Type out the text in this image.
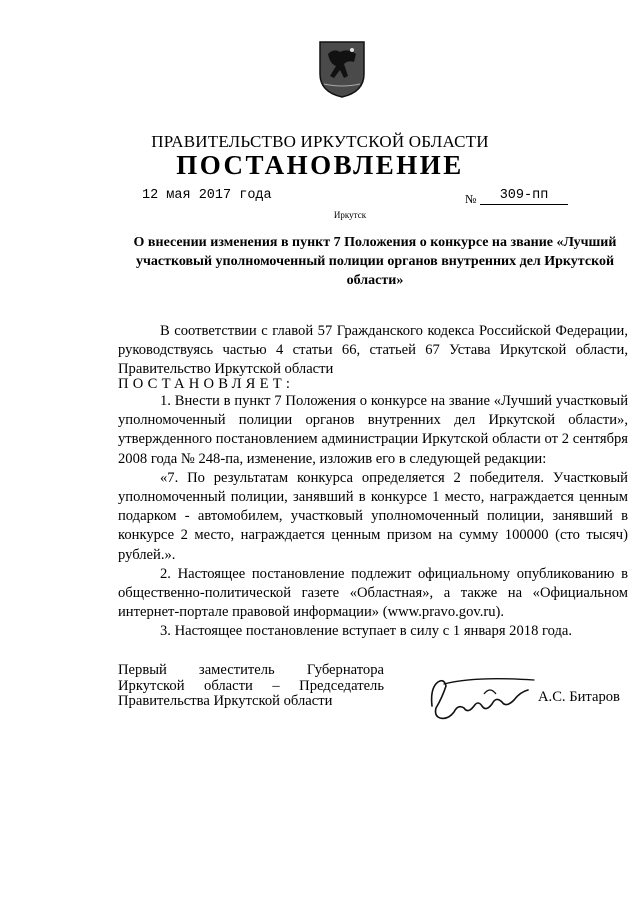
ПРАВИТЕЛЬСТВО ИРКУТСКОЙ ОБЛАСТИ
ПОСТАНОВЛЕНИЕ
12 мая 2017 года	№	309-пп
Иркутск
О внесении изменения в пункт 7 Положения о конкурсе на звание «Лучший участковый уполномоченный полиции органов внутренних дел Иркутской области»

В соответствии с главой 57 Гражданского кодекса Российской Федерации, руководствуясь частью 4 статьи 66, статьей 67 Устава Иркутской области, Правительство Иркутской области

ПОСТАНОВЛЯЕТ:

1. Внести в пункт 7 Положения о конкурсе на звание «Лучший участковый уполномоченный полиции органов внутренних дел Иркутской области», утвержденного постановлением администрации Иркутской области от 2 сентября 2008 года № 248-па, изменение, изложив его в следующей редакции:

«7. По результатам конкурса определяется 2 победителя. Участковый уполномоченный полиции, занявший в конкурсе 1 место, награждается ценным подарком - автомобилем, участковый уполномоченный полиции, занявший в конкурсе 2 место, награждается ценным призом на сумму 100000 (сто тысяч) рублей.».

2. Настоящее постановление подлежит официальному опубликованию в общественно-политической газете «Областная», а также на «Официальном интернет-портале правовой информации» (www.pravo.gov.ru).

3. Настоящее постановление вступает в силу с 1 января 2018 года.

Первый заместитель Губернатора
Иркутской области – Председатель
Правительства Иркутской области	А.С. Битаров
